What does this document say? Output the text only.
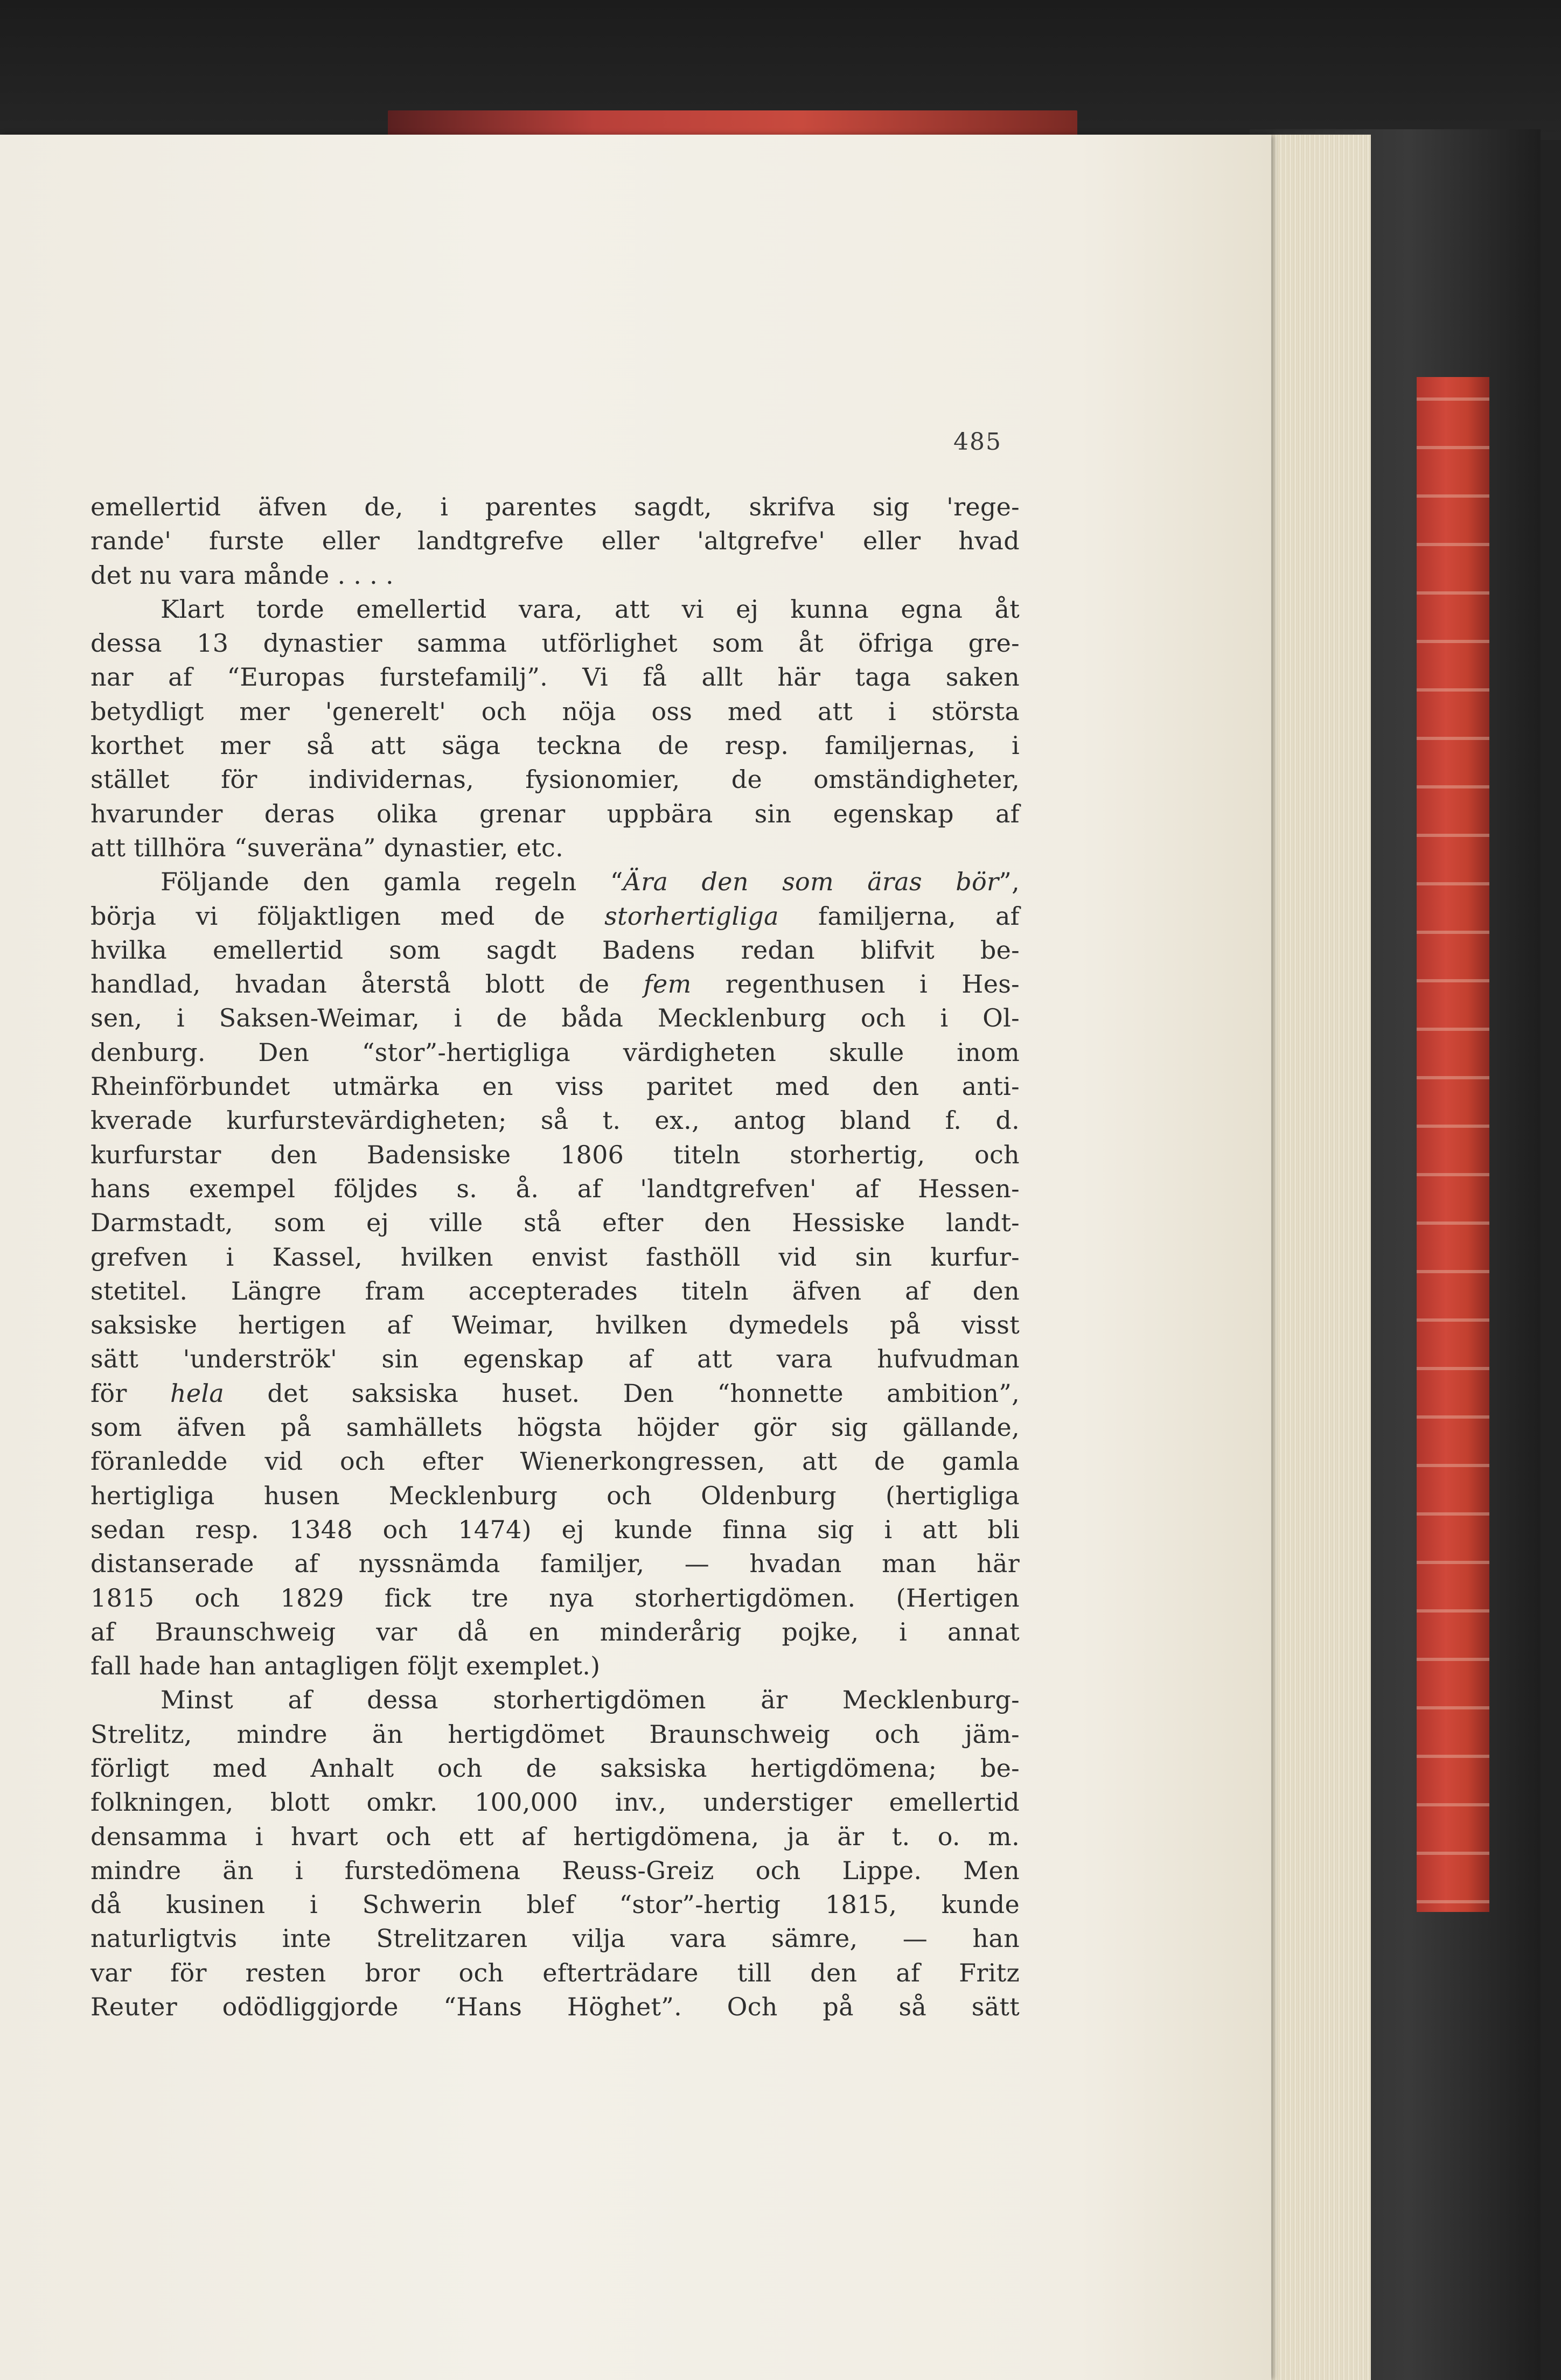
485
emellertid äfven de, i parentes sagdt, skrifva sig 'rege-
rande' furste eller landtgrefve eller 'altgrefve' eller hvad
det nu vara månde . . . .
Klart torde emellertid vara, att vi ej kunna egna åt
dessa 13 dynastier samma utförlighet som åt öfriga gre-
nar af “Europas furstefamilj”. Vi få allt här taga saken
betydligt mer 'generelt' och nöja oss med att i största
korthet mer så att säga teckna de resp. familjernas, i
stället för individernas, fysionomier, de omständigheter,
hvarunder deras olika grenar uppbära sin egenskap af
att tillhöra “suveräna” dynastier, etc.
Följande den gamla regeln “Ära den som äras bör”,
börja vi följaktligen med de storhertigliga familjerna, af
hvilka emellertid som sagdt Badens redan blifvit be-
handlad, hvadan återstå blott de fem regenthusen i Hes-
sen, i Saksen-Weimar, i de båda Mecklenburg och i Ol-
denburg. Den “stor”-hertigliga värdigheten skulle inom
Rheinförbundet utmärka en viss paritet med den anti-
kverade kurfurstevärdigheten; så t. ex., antog bland f. d.
kurfurstar den Badensiske 1806 titeln storhertig, och
hans exempel följdes s. å. af 'landtgrefven' af Hessen-
Darmstadt, som ej ville stå efter den Hessiske landt-
grefven i Kassel, hvilken envist fasthöll vid sin kurfur-
stetitel. Längre fram accepterades titeln äfven af den
saksiske hertigen af Weimar, hvilken dymedels på visst
sätt 'underströk' sin egenskap af att vara hufvudman
för hela det saksiska huset. Den “honnette ambition”,
som äfven på samhällets högsta höjder gör sig gällande,
föranledde vid och efter Wienerkongressen, att de gamla
hertigliga husen Mecklenburg och Oldenburg (hertigliga
sedan resp. 1348 och 1474) ej kunde finna sig i att bli
distanserade af nyssnämda familjer, — hvadan man här
1815 och 1829 fick tre nya storhertigdömen. (Hertigen
af Braunschweig var då en minderårig pojke, i annat
fall hade han antagligen följt exemplet.)
Minst af dessa storhertigdömen är Mecklenburg-
Strelitz, mindre än hertigdömet Braunschweig och jäm-
förligt med Anhalt och de saksiska hertigdömena; be-
folkningen, blott omkr. 100,000 inv., understiger emellertid
densamma i hvart och ett af hertigdömena, ja är t. o. m.
mindre än i furstedömena Reuss-Greiz och Lippe. Men
då kusinen i Schwerin blef “stor”-hertig 1815, kunde
naturligtvis inte Strelitzaren vilja vara sämre, — han
var för resten bror och efterträdare till den af Fritz
Reuter odödliggjorde “Hans Höghet”. Och på så sätt
